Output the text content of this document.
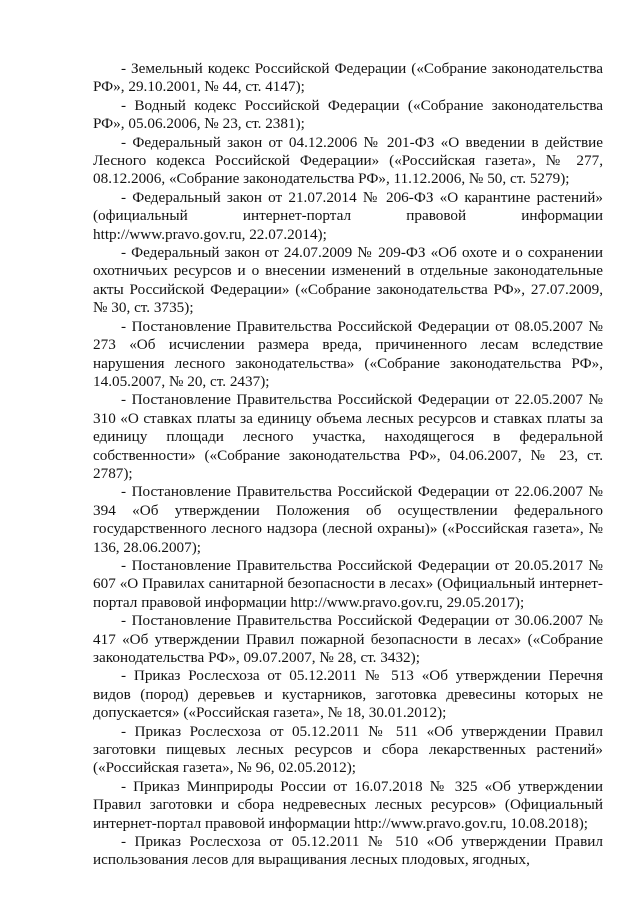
- Земельный кодекс Российской Федерации («Собрание законодательства РФ», 29.10.2001, № 44, ст. 4147);

- Водный кодекс Российской Федерации («Собрание законодательства РФ», 05.06.2006, № 23, ст. 2381);

- Федеральный закон от 04.12.2006 № 201-ФЗ «О введении в действие Лесного кодекса Российской Федерации» («Российская газета», № 277, 08.12.2006, «Собрание законодательства РФ», 11.12.2006, № 50, ст. 5279);

- Федеральный закон от 21.07.2014 № 206-ФЗ «О карантине растений» (официальный интернет-портал правовой информации http://www.pravo.gov.ru, 22.07.2014);

- Федеральный закон от 24.07.2009 № 209-ФЗ «Об охоте и о сохранении охотничьих ресурсов и о внесении изменений в отдельные законодательные акты Российской Федерации» («Собрание законодательства РФ», 27.07.2009, № 30, ст. 3735);

- Постановление Правительства Российской Федерации от 08.05.2007 № 273 «Об исчислении размера вреда, причиненного лесам вследствие нарушения лесного законодательства» («Собрание законодательства РФ», 14.05.2007, № 20, ст. 2437);

- Постановление Правительства Российской Федерации от 22.05.2007 № 310 «О ставках платы за единицу объема лесных ресурсов и ставках платы за единицу площади лесного участка, находящегося в федеральной собственности» («Собрание законодательства РФ», 04.06.2007, № 23, ст. 2787);

- Постановление Правительства Российской Федерации от 22.06.2007 № 394 «Об утверждении Положения об осуществлении федерального государственного лесного надзора (лесной охраны)» («Российская газета», № 136, 28.06.2007);

- Постановление Правительства Российской Федерации от 20.05.2017 № 607 «О Правилах санитарной безопасности в лесах» (Официальный интернет-портал правовой информации http://www.pravo.gov.ru, 29.05.2017);

- Постановление Правительства Российской Федерации от 30.06.2007 № 417 «Об утверждении Правил пожарной безопасности в лесах» («Собрание законодательства РФ», 09.07.2007, № 28, ст. 3432);

- Приказ Рослесхоза от 05.12.2011 № 513 «Об утверждении Перечня видов (пород) деревьев и кустарников, заготовка древесины которых не допускается» («Российская газета», № 18, 30.01.2012);

- Приказ Рослесхоза от 05.12.2011 № 511 «Об утверждении Правил заготовки пищевых лесных ресурсов и сбора лекарственных растений» («Российская газета», № 96, 02.05.2012);

- Приказ Минприроды России от 16.07.2018 № 325 «Об утверждении Правил заготовки и сбора недревесных лесных ресурсов» (Официальный интернет-портал правовой информации http://www.pravo.gov.ru, 10.08.2018);

- Приказ Рослесхоза от 05.12.2011 № 510 «Об утверждении Правил использования лесов для выращивания лесных плодовых, ягодных,
